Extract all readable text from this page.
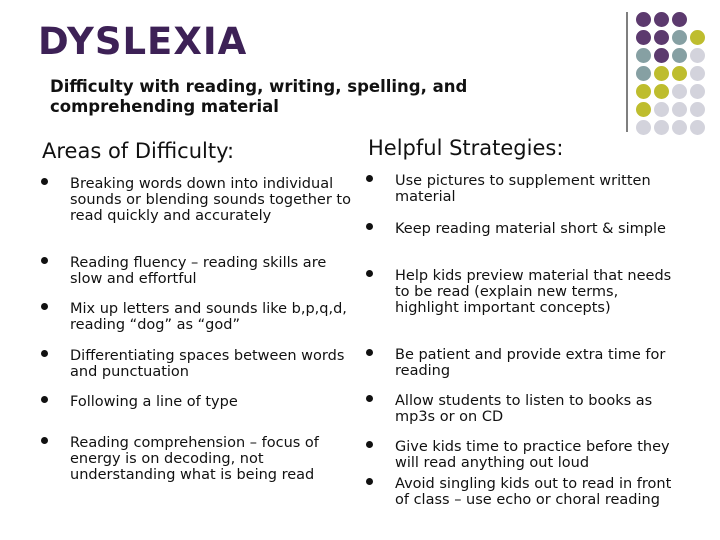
DYSLEXIA
Difficulty with reading, writing, spelling, and comprehending material
Areas of Difficulty:	Helpful Strategies:
Breaking words down into individual sounds or blending sounds together to read quickly and accurately
Reading fluency – reading skills are slow and effortful
Mix up letters and sounds like b,p,q,d, reading “dog” as “god”
Differentiating spaces between words and punctuation
Following a line of type
Reading comprehension – focus of energy is on decoding, not understanding what is being read
Use pictures to supplement written material
Keep reading material short & simple
Help kids preview material that needs to be read (explain new terms, highlight important concepts)
Be patient and provide extra time for reading
Allow students to listen to books as mp3s or on CD
Give kids time to practice before they will read anything out loud
Avoid singling kids out to read in front of class – use echo or choral reading
